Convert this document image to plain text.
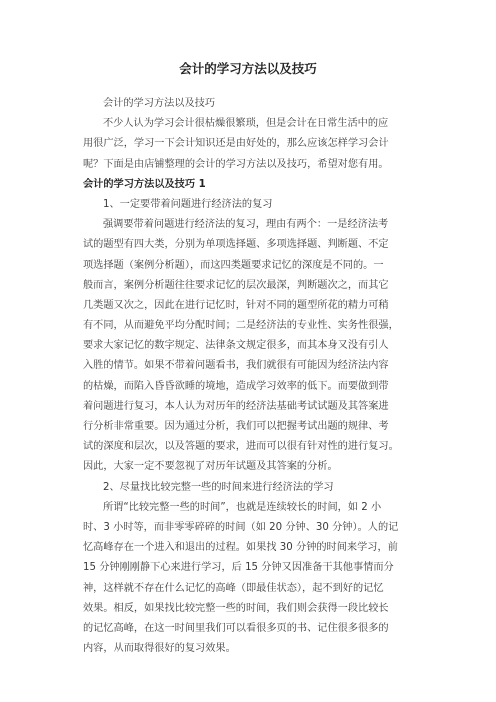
会计的学习方法以及技巧
会计的学习方法以及技巧
不少人认为学习会计很枯燥很繁琐，但是会计在日常生活中的应
用很广泛，学习一下会计知识还是由好处的，那么应该怎样学习会计
呢？下面是由店铺整理的会计的学习方法以及技巧，希望对您有用。
会计的学习方法以及技巧 1
1、一定要带着问题进行经济法的复习
强调要带着问题进行经济法的复习，理由有两个：一是经济法考
试的题型有四大类，分别为单项选择题、多项选择题、判断题、不定
项选择题（案例分析题），而这四类题要求记忆的深度是不同的。一
般而言，案例分析题往往要求记忆的层次最深，判断题次之，而其它
几类题又次之，因此在进行记忆时，针对不同的题型所花的精力可稍
有不同，从而避免平均分配时间；二是经济法的专业性、实务性很强，
要求大家记忆的数字规定、法律条文规定很多，而其本身又没有引人
入胜的情节。如果不带着问题看书，我们就很有可能因为经济法内容
的枯燥，而陷入昏昏欲睡的境地，造成学习效率的低下。而要做到带
着问题进行复习，本人认为对历年的经济法基础考试试题及其答案进
行分析非常重要。因为通过分析，我们可以把握考试出题的规律、考
试的深度和层次，以及答题的要求，进而可以很有针对性的进行复习。
因此，大家一定不要忽视了对历年试题及其答案的分析。
2、尽量找比较完整一些的时间来进行经济法的学习
所谓“比较完整一些的时间”，也就是连续较长的时间，如 2 小
时、3 小时等，而非零零碎碎的时间（如 20 分钟、30 分钟）。人的记
忆高峰存在一个进入和退出的过程。如果找 30 分钟的时间来学习，前
15 分钟刚刚静下心来进行学习，后 15 分钟又因准备干其他事情而分
神，这样就不存在什么记忆的高峰（即最佳状态），起不到好的记忆
效果。相反，如果找比较完整一些的时间，我们则会获得一段比较长
的记忆高峰，在这一时间里我们可以看很多页的书、记住很多很多的
内容，从而取得很好的复习效果。
